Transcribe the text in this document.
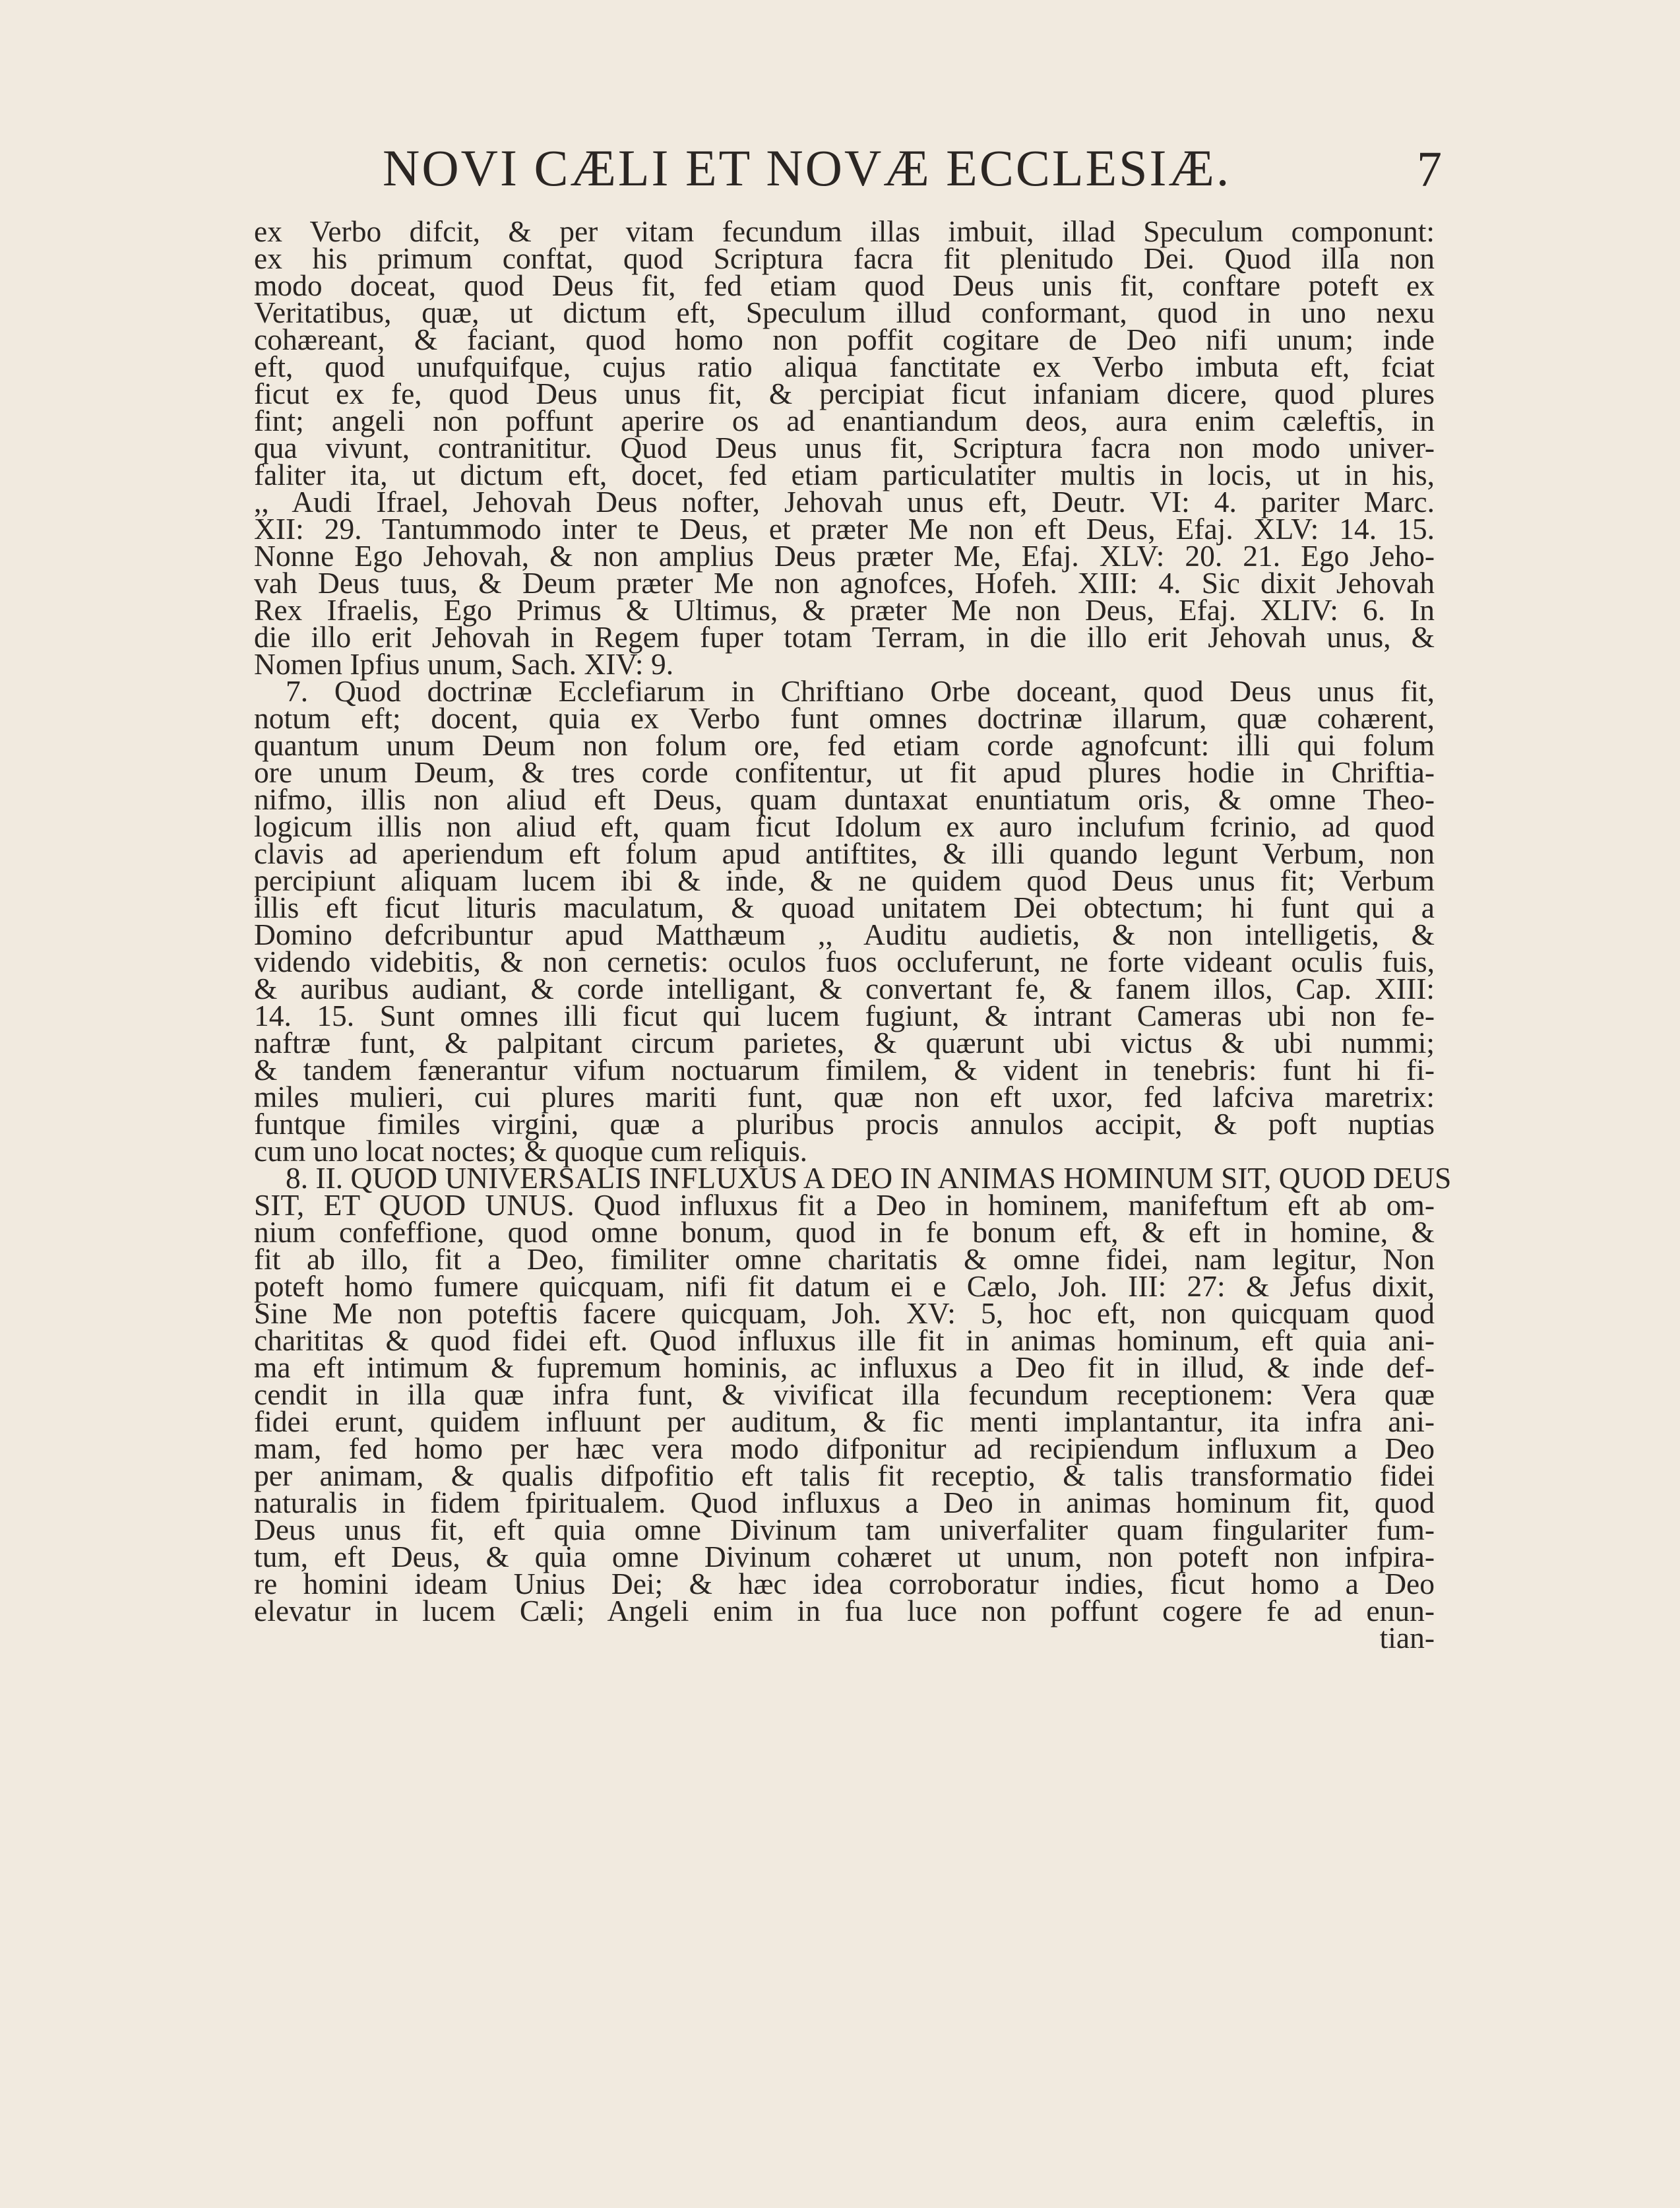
NOVI CÆLI ET NOVÆ ECCLESIÆ.	7
ex Verbo difcit, & per vitam fecundum illas imbuit, illad Speculum componunt:
ex his primum conftat, quod Scriptura facra fit plenitudo Dei. Quod illa non
modo doceat, quod Deus fit, fed etiam quod Deus unis fit, conftare poteft ex
Veritatibus, quæ, ut dictum eft, Speculum illud conformant, quod in uno nexu
cohæreant, & faciant, quod homo non poffit cogitare de Deo nifi unum; inde
eft, quod unufquifque, cujus ratio aliqua fanctitate ex Verbo imbuta eft, fciat
ficut ex fe, quod Deus unus fit, & percipiat ficut infaniam dicere, quod plures
fint; angeli non poffunt aperire os ad enantiandum deos, aura enim cæleftis, in
qua vivunt, contranititur. Quod Deus unus fit, Scriptura facra non modo univer-
faliter ita, ut dictum eft, docet, fed etiam particulatiter multis in locis, ut in his,
,, Audi Ifrael, Jehovah Deus nofter, Jehovah unus eft, Deutr. VI: 4. pariter Marc.
XII: 29. Tantummodo inter te Deus, et præter Me non eft Deus, Efaj. XLV: 14. 15.
Nonne Ego Jehovah, & non amplius Deus præter Me, Efaj. XLV: 20. 21. Ego Jeho-
vah Deus tuus, & Deum præter Me non agnofces, Hofeh. XIII: 4. Sic dixit Jehovah
Rex Ifraelis, Ego Primus & Ultimus, & præter Me non Deus, Efaj. XLIV: 6. In
die illo erit Jehovah in Regem fuper totam Terram, in die illo erit Jehovah unus, &
Nomen Ipfius unum, Sach. XIV: 9.
7. Quod doctrinæ Ecclefiarum in Chriftiano Orbe doceant, quod Deus unus fit,
notum eft; docent, quia ex Verbo funt omnes doctrinæ illarum, quæ cohærent,
quantum unum Deum non folum ore, fed etiam corde agnofcunt: illi qui folum
ore unum Deum, & tres corde confitentur, ut fit apud plures hodie in Chriftia-
nifmo, illis non aliud eft Deus, quam duntaxat enuntiatum oris, & omne Theo-
logicum illis non aliud eft, quam ficut Idolum ex auro inclufum fcrinio, ad quod
clavis ad aperiendum eft folum apud antiftites, & illi quando legunt Verbum, non
percipiunt aliquam lucem ibi & inde, & ne quidem quod Deus unus fit; Verbum
illis eft ficut lituris maculatum, & quoad unitatem Dei obtectum; hi funt qui a
Domino defcribuntur apud Matthæum ,, Auditu audietis, & non intelligetis, &
videndo videbitis, & non cernetis: oculos fuos occluferunt, ne forte videant oculis fuis,
& auribus audiant, & corde intelligant, & convertant fe, & fanem illos, Cap. XIII:
14. 15. Sunt omnes illi ficut qui lucem fugiunt, & intrant Cameras ubi non fe-
naftræ funt, & palpitant circum parietes, & quærunt ubi victus & ubi nummi;
& tandem fænerantur vifum noctuarum fimilem, & vident in tenebris: funt hi fi-
miles mulieri, cui plures mariti funt, quæ non eft uxor, fed lafciva maretrix:
funtque fimiles virgini, quæ a pluribus procis annulos accipit, & poft nuptias
cum uno locat noctes; & quoque cum reliquis.
8. II. QUOD UNIVERSALIS INFLUXUS A DEO IN ANIMAS HOMINUM SIT, QUOD DEUS
SIT, ET QUOD UNUS. Quod influxus fit a Deo in hominem, manifeftum eft ab om-
nium confeffione, quod omne bonum, quod in fe bonum eft, & eft in homine, &
fit ab illo, fit a Deo, fimiliter omne charitatis & omne fidei, nam legitur, Non
poteft homo fumere quicquam, nifi fit datum ei e Cælo, Joh. III: 27: & Jefus dixit,
Sine Me non poteftis facere quicquam, Joh. XV: 5, hoc eft, non quicquam quod
charititas & quod fidei eft. Quod influxus ille fit in animas hominum, eft quia ani-
ma eft intimum & fupremum hominis, ac influxus a Deo fit in illud, & inde def-
cendit in illa quæ infra funt, & vivificat illa fecundum receptionem: Vera quæ
fidei erunt, quidem influunt per auditum, & fic menti implantantur, ita infra ani-
mam, fed homo per hæc vera modo difponitur ad recipiendum influxum a Deo
per animam, & qualis difpofitio eft talis fit receptio, & talis transformatio fidei
naturalis in fidem fpiritualem. Quod influxus a Deo in animas hominum fit, quod
Deus unus fit, eft quia omne Divinum tam univerfaliter quam fingulariter fum-
tum, eft Deus, & quia omne Divinum cohæret ut unum, non poteft non infpira-
re homini ideam Unius Dei; & hæc idea corroboratur indies, ficut homo a Deo
elevatur in lucem Cæli; Angeli enim in fua luce non poffunt cogere fe ad enun-
tian-
